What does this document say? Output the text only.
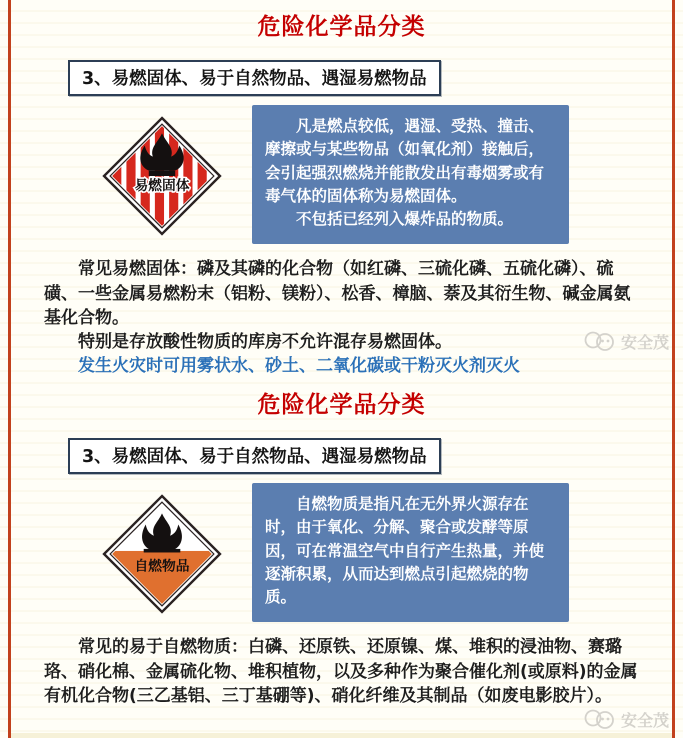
危险化学品分类
3、易燃固体、易于自然物品、遇湿易燃物品
易燃固体

凡是燃点较低，遇湿、受热、撞击、摩擦或与某些物品（如氧化剂）接触后，会引起强烈燃烧并能散发出有毒烟雾或有毒气体的固体称为易燃固体。

不包括已经列入爆炸品的物质。

常见易燃固体：磷及其磷的化合物（如红磷、三硫化磷、五硫化磷）、硫磺、一些金属易燃粉末（铝粉、镁粉）、松香、樟脑、萘及其衍生物、碱金属氨基化合物。

特别是存放酸性物质的库房不允许混存易燃固体。

发生火灾时可用雾状水、砂土、二氧化碳或干粉灭火剂灭火

安全茂
危险化学品分类
3、易燃固体、易于自然物品、遇湿易燃物品
自燃物品

自燃物质是指凡在无外界火源存在时，由于氧化、分解、聚合或发酵等原因，可在常温空气中自行产生热量，并使逐渐积累，从而达到燃点引起燃烧的物质。

常见的易于自燃物质：白磷、还原铁、还原镍、煤、堆积的浸油物、赛璐珞、硝化棉、金属硫化物、堆积植物，以及多种作为聚合催化剂(或原料)的金属有机化合物(三乙基铝、三丁基硼等)、硝化纤维及其制品（如废电影胶片）。

安全茂
